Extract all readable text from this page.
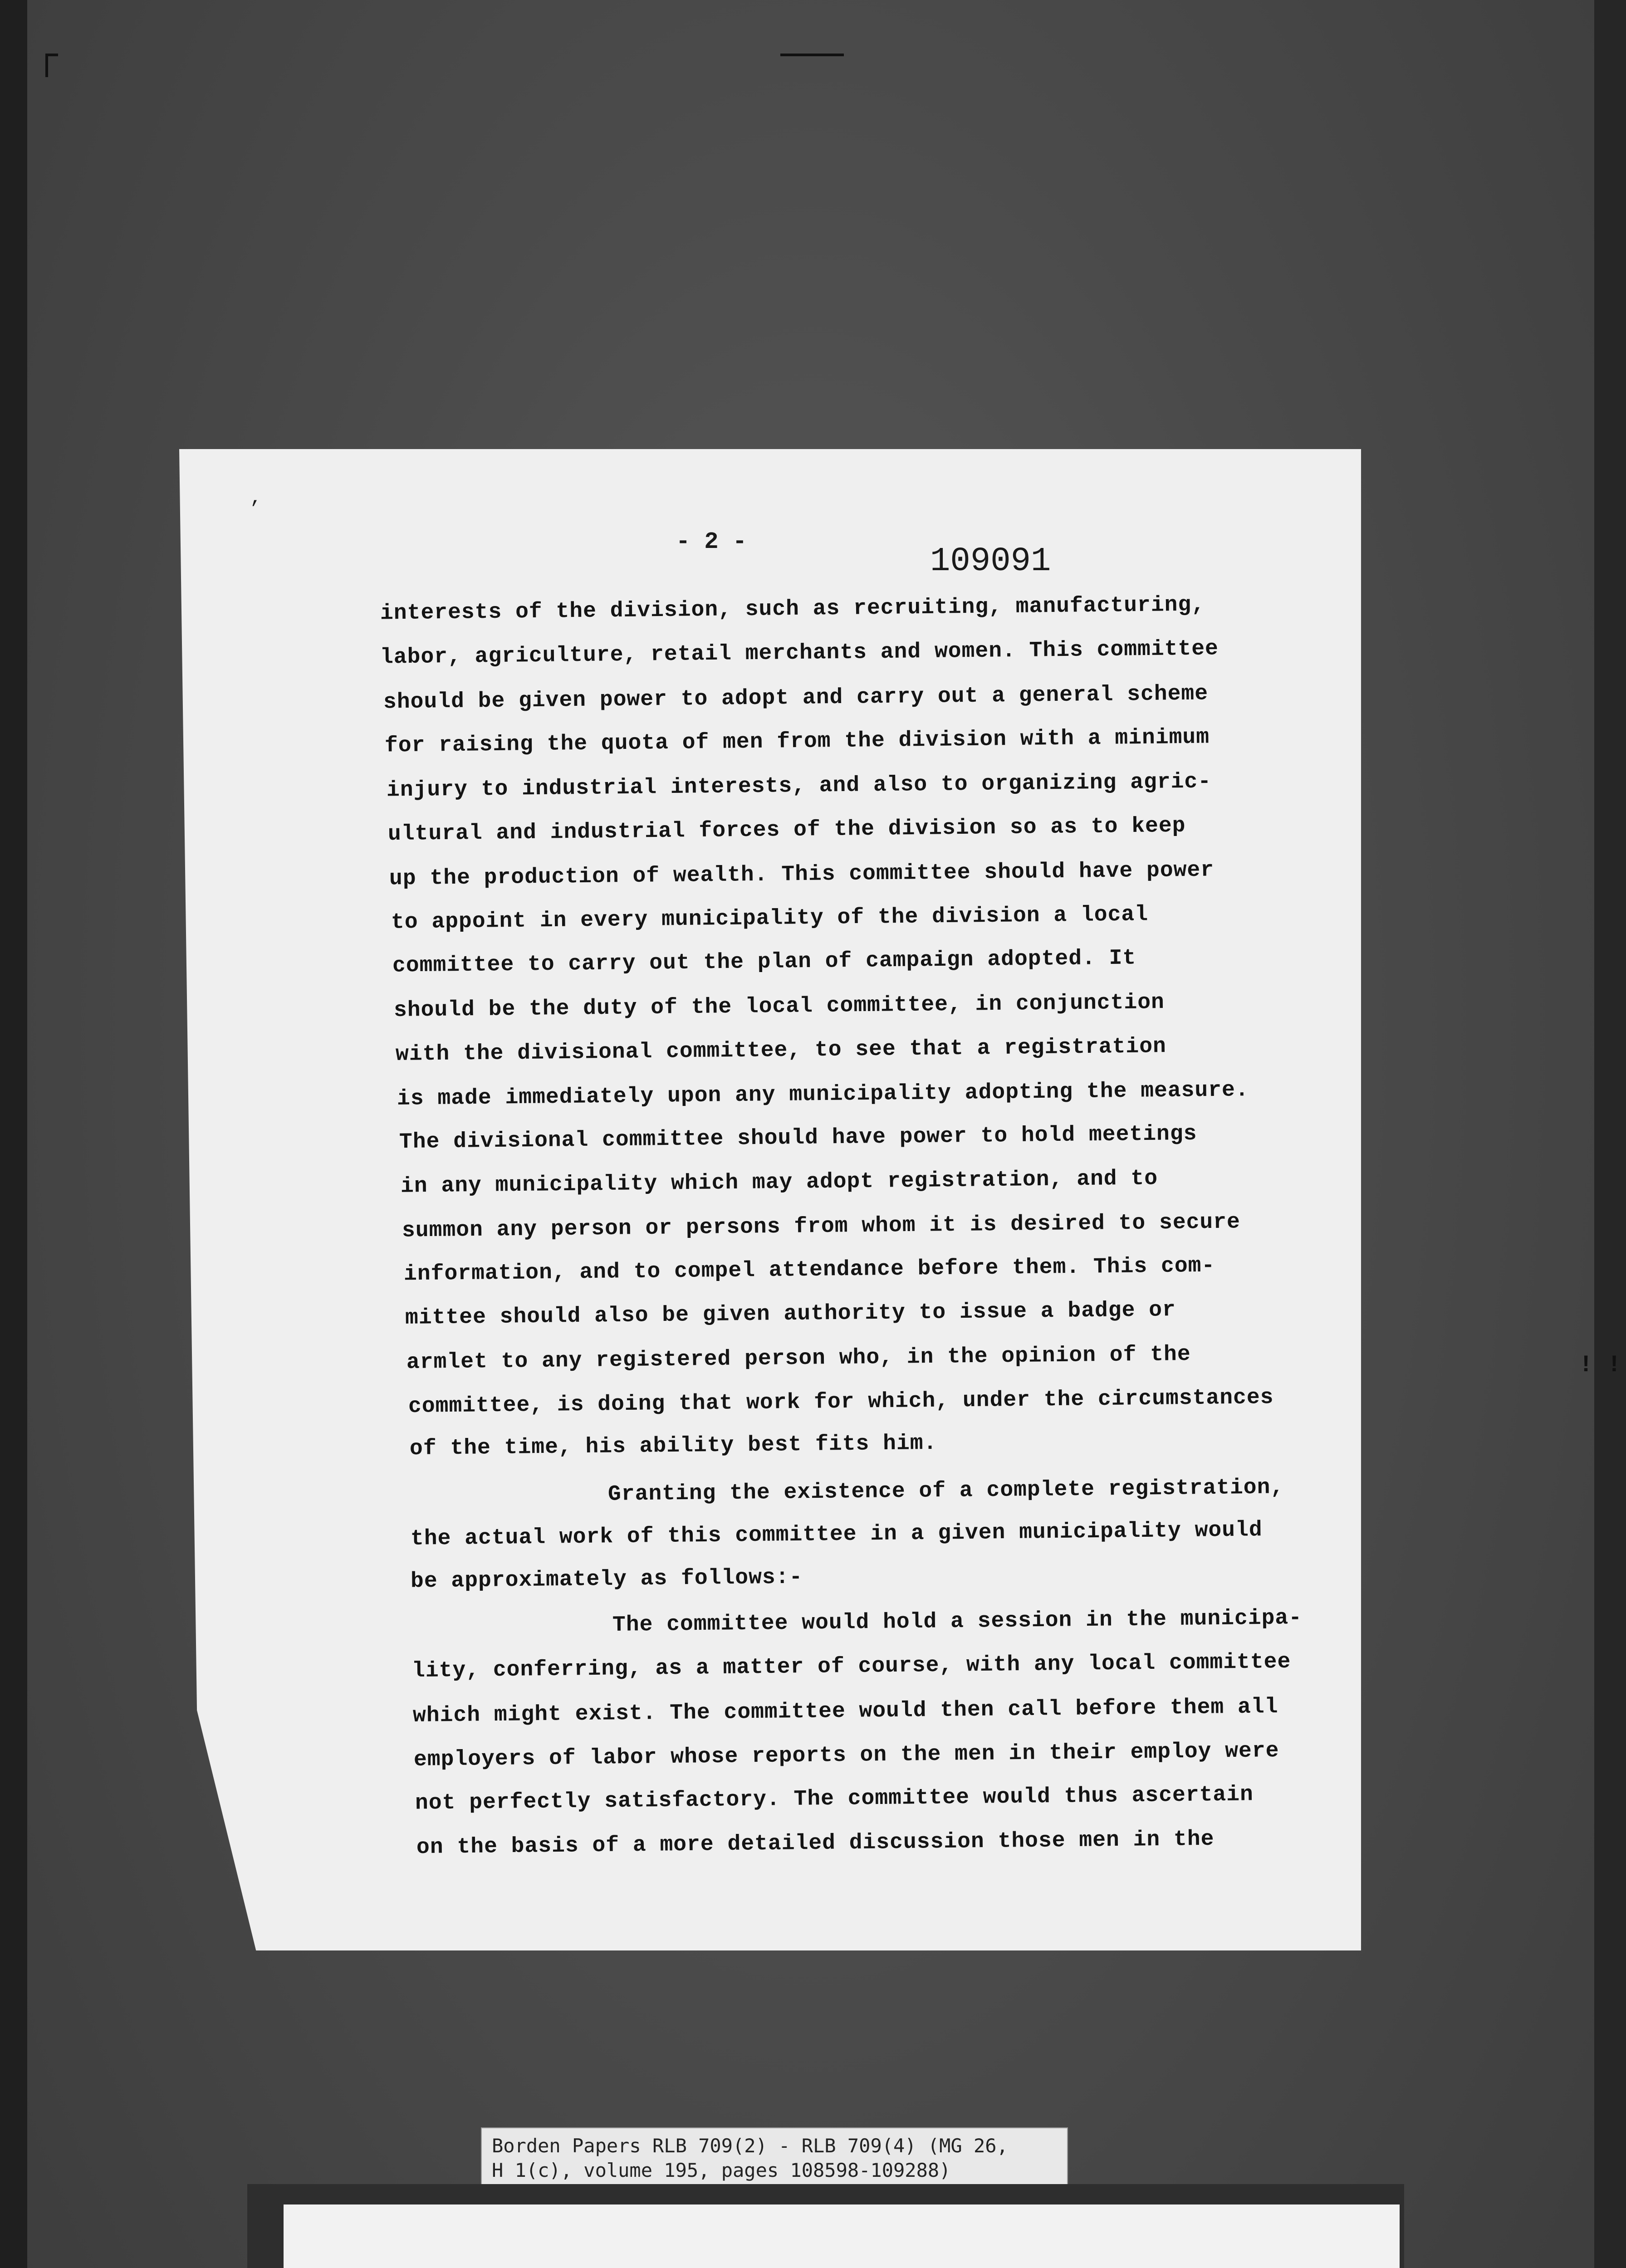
! !
’
- 2 -
109091
interests of the division, such as recruiting, manufacturing,
labor, agriculture, retail merchants and women. This committee
should be given power to adopt and carry out a general scheme
for raising the quota of men from the division with a minimum
injury to industrial interests, and also to organizing agric-
ultural and industrial forces of the division so as to keep
up the production of wealth. This committee should have power
to appoint in every municipality of the division a local
committee to carry out the plan of campaign adopted. It
should be the duty of the local committee, in conjunction
with the divisional committee, to see that a registration
is made immediately upon any municipality adopting the measure.
The divisional committee should have power to hold meetings
in any municipality which may adopt registration, and to
summon any person or persons from whom it is desired to secure
information, and to compel attendance before them. This com-
mittee should also be given authority to issue a badge or
armlet to any registered person who, in the opinion of the
committee, is doing that work for which, under the circumstances
of the time, his ability best fits him.
Granting the existence of a complete registration,
the actual work of this committee in a given municipality would
be approximately as follows:-
The committee would hold a session in the municipa-
lity, conferring, as a matter of course, with any local committee
which might exist. The committee would then call before them all
employers of labor whose reports on the men in their employ were
not perfectly satisfactory. The committee would thus ascertain
on the basis of a more detailed discussion those men in the
Borden Papers RLB 709(2) - RLB 709(4) (MG 26,
H 1(c), volume 195, pages 108598-109288)
